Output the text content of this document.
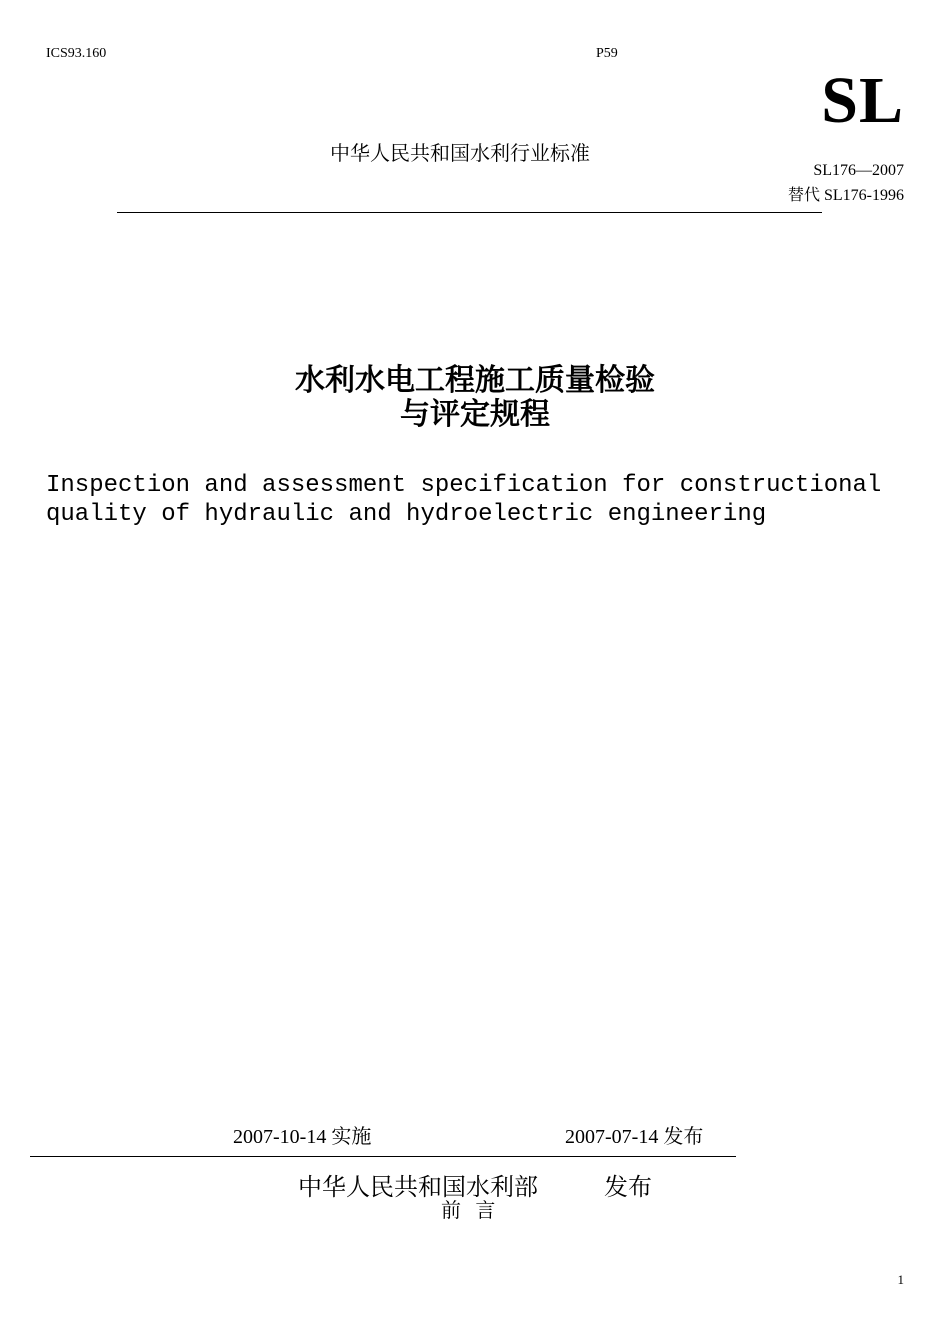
ICS93.160	P59
SL
中华人民共和国水利行业标准
SL176—2007
替代 SL176-1996
水利水电工程施工质量检验
与评定规程
Inspection and assessment specification for constructional
quality of hydraulic and hydroelectric engineering
2007-10-14 实施	2007-07-14 发布
中华人民共和国水利部	发布
前 言
1
